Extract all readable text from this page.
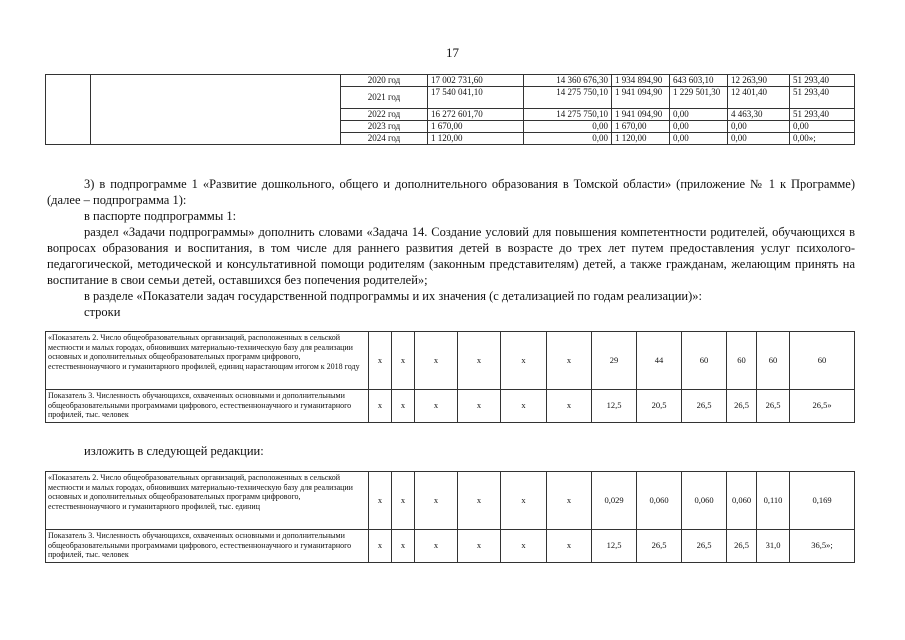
17
		2020 год	17 002 731,60	14 360 676,30	1 934 894,90	643 603,10	12 263,90	51 293,40
		2021 год	17 540 041,10	14 275 750,10	1 941 094,90	1 229 501,30	12 401,40	51 293,40
		2022 год	16 272 601,70	14 275 750,10	1 941 094,90	0,00	4 463,30	51 293,40
		2023 год	1 670,00	0,00	1 670,00	0,00	0,00	0,00
		2024 год	1 120,00	0,00	1 120,00	0,00	0,00	0,00»;
3) в подпрограмме 1 «Развитие дошкольного, общего и дополнительного образования в Томской области» (приложение № 1 к Программе) (далее – подпрограмма 1):
в паспорте подпрограммы 1:
раздел «Задачи подпрограммы» дополнить словами «Задача 14. Создание условий для повышения компетентности родителей, обучающихся в вопросах образования и воспитания, в том числе для раннего развития детей в возрасте до трех лет путем предоставления услуг психолого-педагогической, методической и консультативной помощи родителям (законным представителям) детей, а также гражданам, желающим принять на воспитание в свои семьи детей, оставшихся без попечения родителей»;
в разделе «Показатели задач государственной подпрограммы и их значения (с детализацией по годам реализации)»:
строки
«Показатель 2. Число общеобразовательных организаций, расположенных в сельской местности и малых городах, обновивших материально-техническую базу для реализации основных и дополнительных общеобразовательных программ цифрового, естественнонаучного и гуманитарного профилей, единиц нарастающим итогом к 2018 году	x	x	x	x	x	x	29	44	60	60	60	60
Показатель 3. Численность обучающихся, охваченных основными и дополнительными общеобразовательными программами цифрового, естественнонаучного и гуманитарного профилей, тыс. человек	x	x	x	x	x	x	12,5	20,5	26,5	26,5	26,5	26,5»
изложить в следующей редакции:
«Показатель 2. Число общеобразовательных организаций, расположенных в сельской местности и малых городах, обновивших материально-техническую базу для реализации основных и дополнительных общеобразовательных программ цифрового, естественнонаучного и гуманитарного профилей, тыс. единиц	x	x	x	x	x	x	0,029	0,060	0,060	0,060	0,110	0,169
Показатель 3. Численность обучающихся, охваченных основными и дополнительными общеобразовательными программами цифрового, естественнонаучного и гуманитарного профилей, тыс. человек	x	x	x	x	x	x	12,5	26,5	26,5	26,5	31,0	36,5»;
